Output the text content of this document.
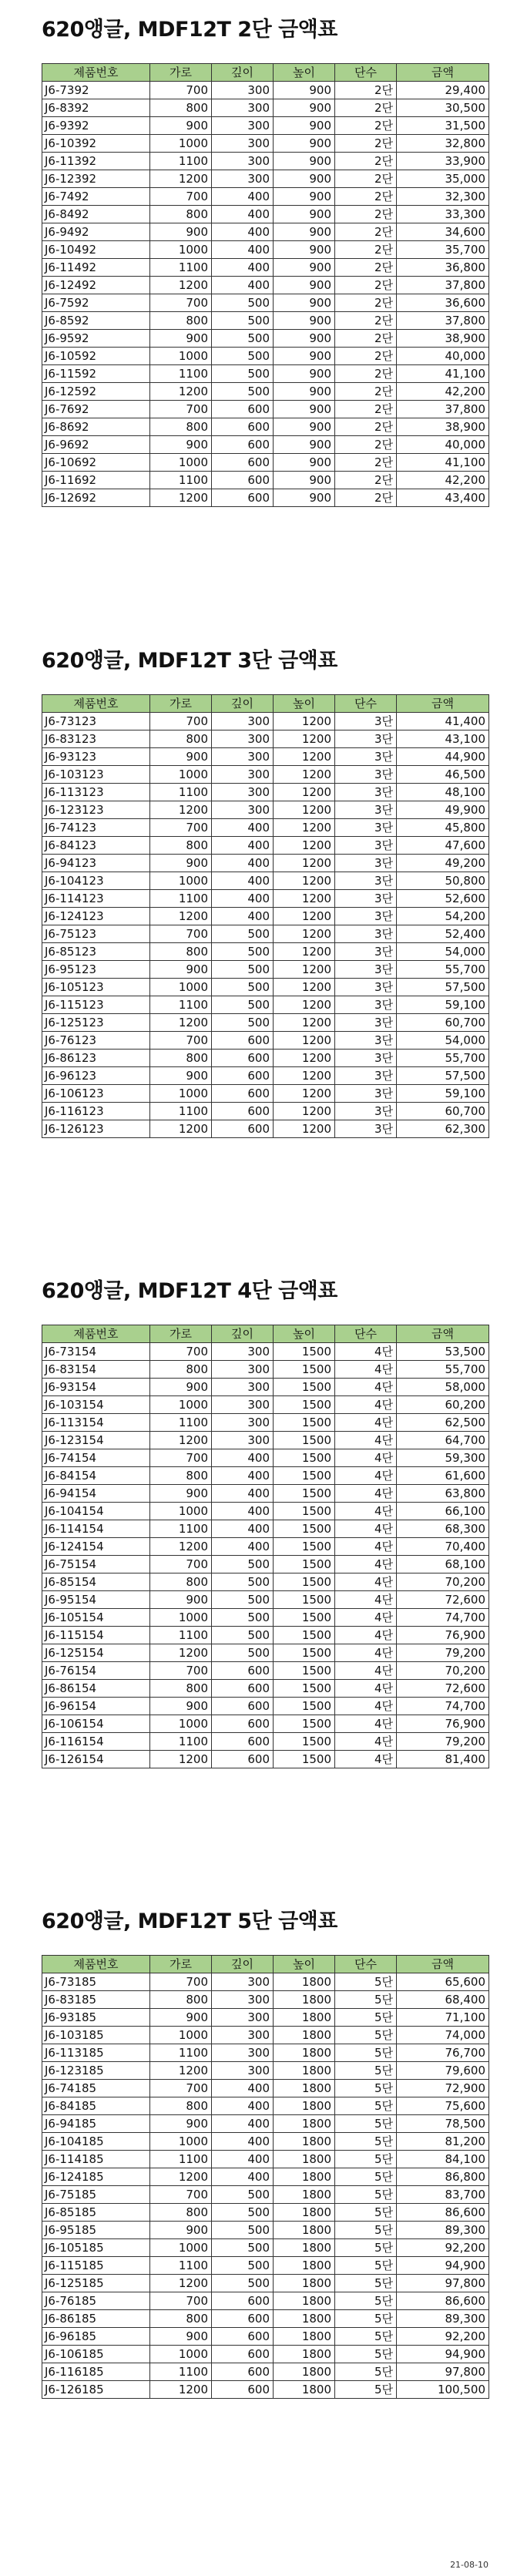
620앵글, MDF12T 2단 금액표
제품번호	가로	깊이	높이	단수	금액
J6-7392	700	300	900	2단	29,400
J6-8392	800	300	900	2단	30,500
J6-9392	900	300	900	2단	31,500
J6-10392	1000	300	900	2단	32,800
J6-11392	1100	300	900	2단	33,900
J6-12392	1200	300	900	2단	35,000
J6-7492	700	400	900	2단	32,300
J6-8492	800	400	900	2단	33,300
J6-9492	900	400	900	2단	34,600
J6-10492	1000	400	900	2단	35,700
J6-11492	1100	400	900	2단	36,800
J6-12492	1200	400	900	2단	37,800
J6-7592	700	500	900	2단	36,600
J6-8592	800	500	900	2단	37,800
J6-9592	900	500	900	2단	38,900
J6-10592	1000	500	900	2단	40,000
J6-11592	1100	500	900	2단	41,100
J6-12592	1200	500	900	2단	42,200
J6-7692	700	600	900	2단	37,800
J6-8692	800	600	900	2단	38,900
J6-9692	900	600	900	2단	40,000
J6-10692	1000	600	900	2단	41,100
J6-11692	1100	600	900	2단	42,200
J6-12692	1200	600	900	2단	43,400
620앵글, MDF12T 3단 금액표
제품번호	가로	깊이	높이	단수	금액
J6-73123	700	300	1200	3단	41,400
J6-83123	800	300	1200	3단	43,100
J6-93123	900	300	1200	3단	44,900
J6-103123	1000	300	1200	3단	46,500
J6-113123	1100	300	1200	3단	48,100
J6-123123	1200	300	1200	3단	49,900
J6-74123	700	400	1200	3단	45,800
J6-84123	800	400	1200	3단	47,600
J6-94123	900	400	1200	3단	49,200
J6-104123	1000	400	1200	3단	50,800
J6-114123	1100	400	1200	3단	52,600
J6-124123	1200	400	1200	3단	54,200
J6-75123	700	500	1200	3단	52,400
J6-85123	800	500	1200	3단	54,000
J6-95123	900	500	1200	3단	55,700
J6-105123	1000	500	1200	3단	57,500
J6-115123	1100	500	1200	3단	59,100
J6-125123	1200	500	1200	3단	60,700
J6-76123	700	600	1200	3단	54,000
J6-86123	800	600	1200	3단	55,700
J6-96123	900	600	1200	3단	57,500
J6-106123	1000	600	1200	3단	59,100
J6-116123	1100	600	1200	3단	60,700
J6-126123	1200	600	1200	3단	62,300
620앵글, MDF12T 4단 금액표
제품번호	가로	깊이	높이	단수	금액
J6-73154	700	300	1500	4단	53,500
J6-83154	800	300	1500	4단	55,700
J6-93154	900	300	1500	4단	58,000
J6-103154	1000	300	1500	4단	60,200
J6-113154	1100	300	1500	4단	62,500
J6-123154	1200	300	1500	4단	64,700
J6-74154	700	400	1500	4단	59,300
J6-84154	800	400	1500	4단	61,600
J6-94154	900	400	1500	4단	63,800
J6-104154	1000	400	1500	4단	66,100
J6-114154	1100	400	1500	4단	68,300
J6-124154	1200	400	1500	4단	70,400
J6-75154	700	500	1500	4단	68,100
J6-85154	800	500	1500	4단	70,200
J6-95154	900	500	1500	4단	72,600
J6-105154	1000	500	1500	4단	74,700
J6-115154	1100	500	1500	4단	76,900
J6-125154	1200	500	1500	4단	79,200
J6-76154	700	600	1500	4단	70,200
J6-86154	800	600	1500	4단	72,600
J6-96154	900	600	1500	4단	74,700
J6-106154	1000	600	1500	4단	76,900
J6-116154	1100	600	1500	4단	79,200
J6-126154	1200	600	1500	4단	81,400
620앵글, MDF12T 5단 금액표
제품번호	가로	깊이	높이	단수	금액
J6-73185	700	300	1800	5단	65,600
J6-83185	800	300	1800	5단	68,400
J6-93185	900	300	1800	5단	71,100
J6-103185	1000	300	1800	5단	74,000
J6-113185	1100	300	1800	5단	76,700
J6-123185	1200	300	1800	5단	79,600
J6-74185	700	400	1800	5단	72,900
J6-84185	800	400	1800	5단	75,600
J6-94185	900	400	1800	5단	78,500
J6-104185	1000	400	1800	5단	81,200
J6-114185	1100	400	1800	5단	84,100
J6-124185	1200	400	1800	5단	86,800
J6-75185	700	500	1800	5단	83,700
J6-85185	800	500	1800	5단	86,600
J6-95185	900	500	1800	5단	89,300
J6-105185	1000	500	1800	5단	92,200
J6-115185	1100	500	1800	5단	94,900
J6-125185	1200	500	1800	5단	97,800
J6-76185	700	600	1800	5단	86,600
J6-86185	800	600	1800	5단	89,300
J6-96185	900	600	1800	5단	92,200
J6-106185	1000	600	1800	5단	94,900
J6-116185	1100	600	1800	5단	97,800
J6-126185	1200	600	1800	5단	100,500
21-08-10
